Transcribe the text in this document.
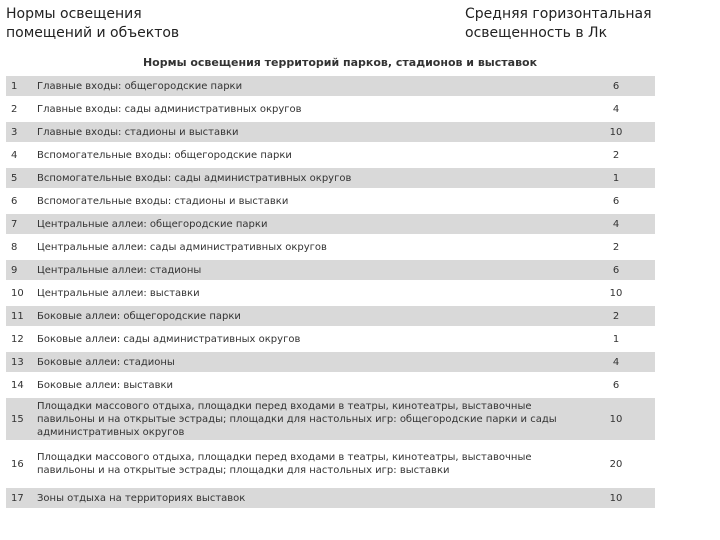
Нормы освещения
помещений и объектов
Средняя горизонтальная
освещенность в Лк
Нормы освещения территорий парков, стадионов и выставок
1	Главные входы: общегородские парки	6
2	Главные входы: сады административных округов	4
3	Главные входы: стадионы и выставки	10
4	Вспомогательные входы: общегородские парки	2
5	Вспомогательные входы: сады административных округов	1
6	Вспомогательные входы: стадионы и выставки	6
7	Центральные аллеи: общегородские парки	4
8	Центральные аллеи: сады административных округов	2
9	Центральные аллеи: стадионы	6
10	Центральные аллеи: выставки	10
11	Боковые аллеи: общегородские парки	2
12	Боковые аллеи: сады административных округов	1
13	Боковые аллеи: стадионы	4
14	Боковые аллеи: выставки	6
15	Площадки массового отдыха, площадки перед входами в театры, кинотеатры, выставочные павильоны и на открытые эстрады; площадки для настольных игр: общегородские парки и сады административных округов	10
16	Площадки массового отдыха, площадки перед входами в театры, кинотеатры, выставочные павильоны и на открытые эстрады; площадки для настольных игр: выставки	20
17	Зоны отдыха на территориях выставок	10
